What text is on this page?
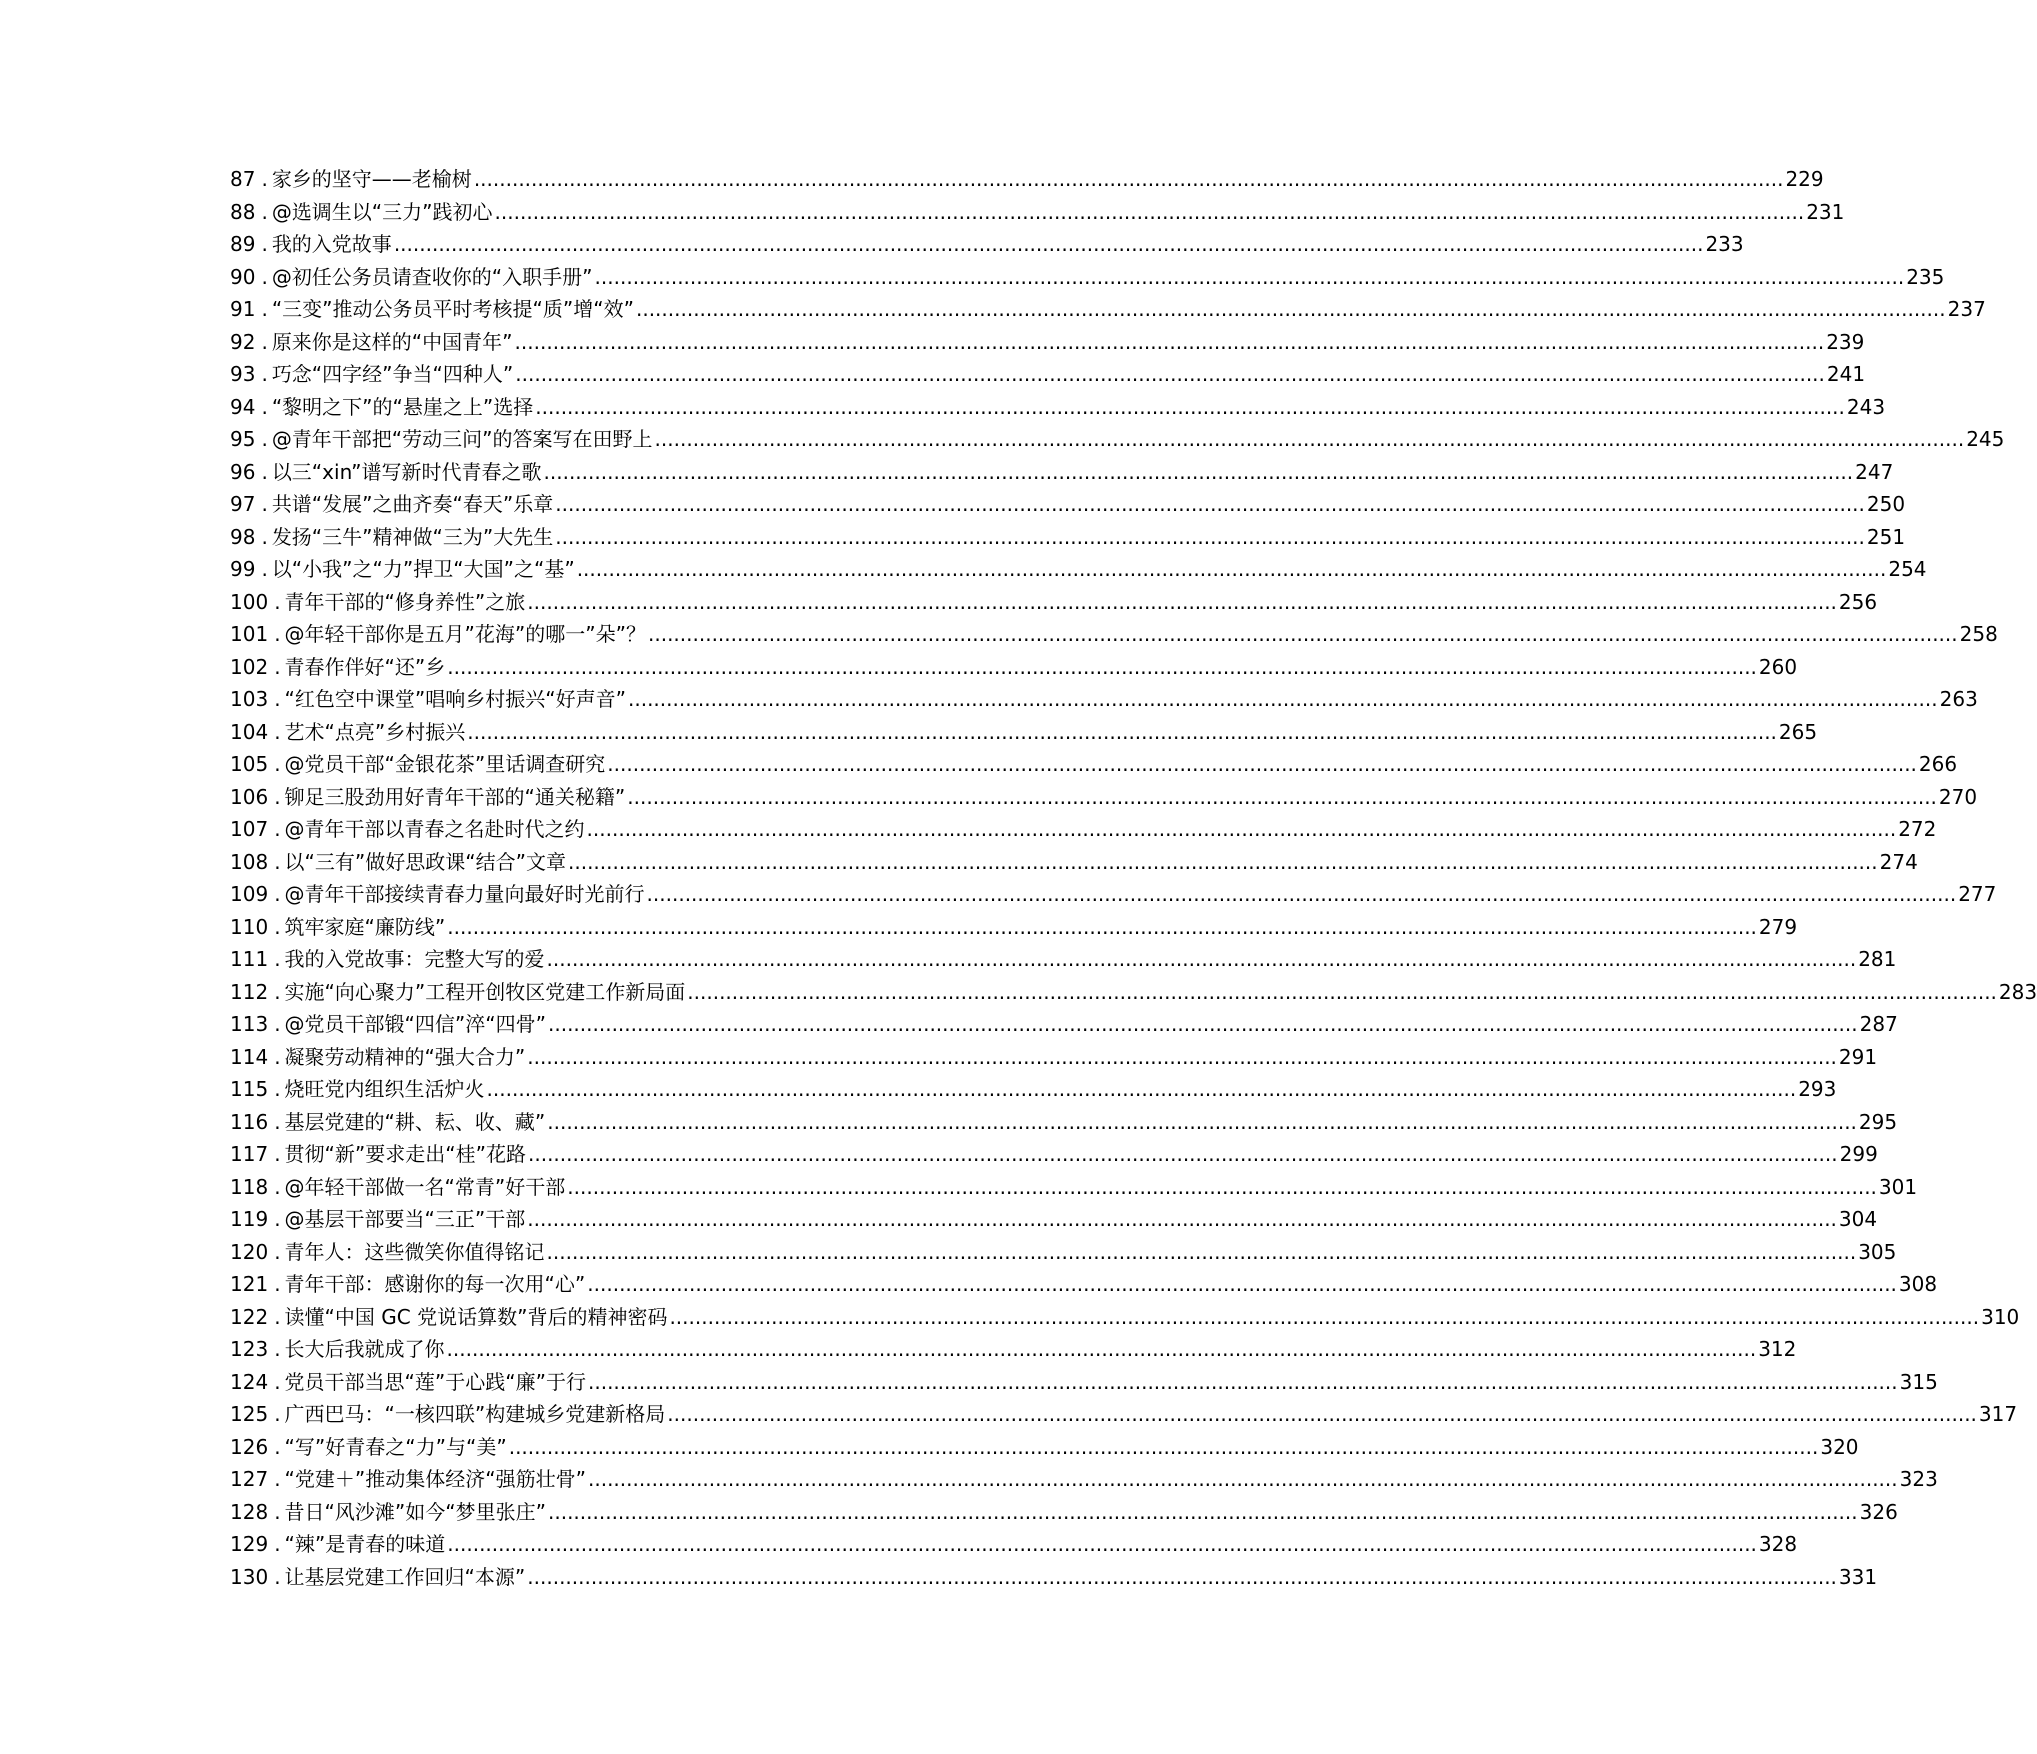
87 . 家乡的坚守——老榆树 .....	229
88 . @选调生以“三力”践初心 .....	231
89 . 我的入党故事 .....	233
90 . @初任公务员请查收你的“入职手册” .....	235
91 . “三变”推动公务员平时考核提“质”增“效” .....	237
92 . 原来你是这样的“中国青年” .....	239
93 . 巧念“四字经”争当“四种人” .....	241
94 . “黎明之下”的“悬崖之上”选择 .....	243
95 . @青年干部把“劳动三问”的答案写在田野上 .....	245
96 . 以三“xin”谱写新时代青春之歌 .....	247
97 . 共谱“发展”之曲齐奏“春天”乐章 .....	250
98 . 发扬“三牛”精神做“三为”大先生 .....	251
99 . 以“小我”之“力”捍卫“大国”之“基” .....	254
100 . 青年干部的“修身养性”之旅 .....	256
101 . @年轻干部你是五月”花海”的哪一”朵”？ .....	258
102 . 青春作伴好“还”乡 .....	260
103 . “红色空中课堂”唱响乡村振兴“好声音” .....	263
104 . 艺术“点亮”乡村振兴 .....	265
105 . @党员干部“金银花茶”里话调查研究 .....	266
106 . 铆足三股劲用好青年干部的“通关秘籍” .....	270
107 . @青年干部以青春之名赴时代之约 .....	272
108 . 以“三有”做好思政课“结合”文章 .....	274
109 . @青年干部接续青春力量向最好时光前行 .....	277
110 . 筑牢家庭“廉防线” .....	279
111 . 我的入党故事：完整大写的爱 .....	281
112 . 实施“向心聚力”工程开创牧区党建工作新局面 .....	283
113 . @党员干部锻“四信”淬“四骨” .....	287
114 . 凝聚劳动精神的“强大合力” .....	291
115 . 烧旺党内组织生活炉火 .....	293
116 . 基层党建的“耕、耘、收、藏” .....	295
117 . 贯彻“新”要求走出“桂”花路 .....	299
118 . @年轻干部做一名“常青”好干部 .....	301
119 . @基层干部要当“三正”干部 .....	304
120 . 青年人：这些微笑你值得铭记 .....	305
121 . 青年干部：感谢你的每一次用“心” .....	308
122 . 读懂“中国 GC 党说话算数”背后的精神密码 .....	310
123 . 长大后我就成了你 .....	312
124 . 党员干部当思“莲”于心践“廉”于行 .....	315
125 . 广西巴马：“一核四联”构建城乡党建新格局 .....	317
126 . “写”好青春之“力”与“美” .....	320
127 . “党建＋”推动集体经济“强筋壮骨” .....	323
128 . 昔日“风沙滩”如今“梦里张庄” .....	326
129 . “辣”是青春的味道 .....	328
130 . 让基层党建工作回归“本源” .....	331
